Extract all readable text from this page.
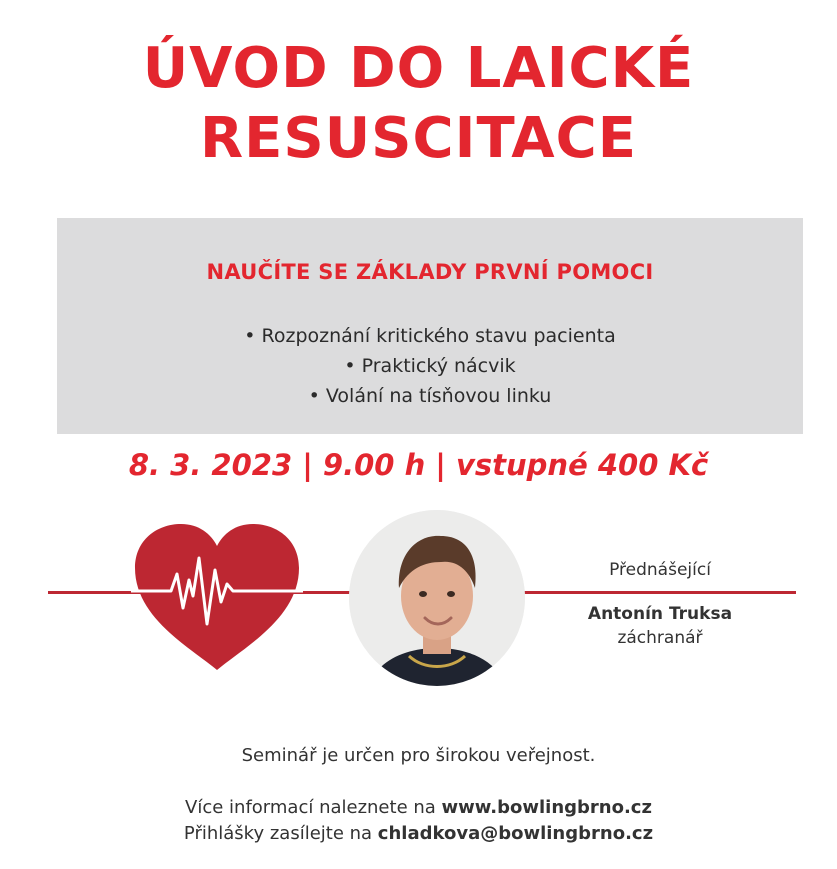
ÚVOD DO LAICKÉ
RESUSCITACE
NAUČÍTE SE ZÁKLADY PRVNÍ POMOCI
• Rozpoznání kritického stavu pacienta
• Praktický nácvik
• Volání na tísňovou linku
8. 3. 2023 | 9.00 h | vstupné 400 Kč
Přednášející
Antonín Truksa
záchranář
Seminář je určen pro širokou veřejnost.
Více informací naleznete na www.bowlingbrno.cz
Přihlášky zasílejte na chladkova@bowlingbrno.cz
